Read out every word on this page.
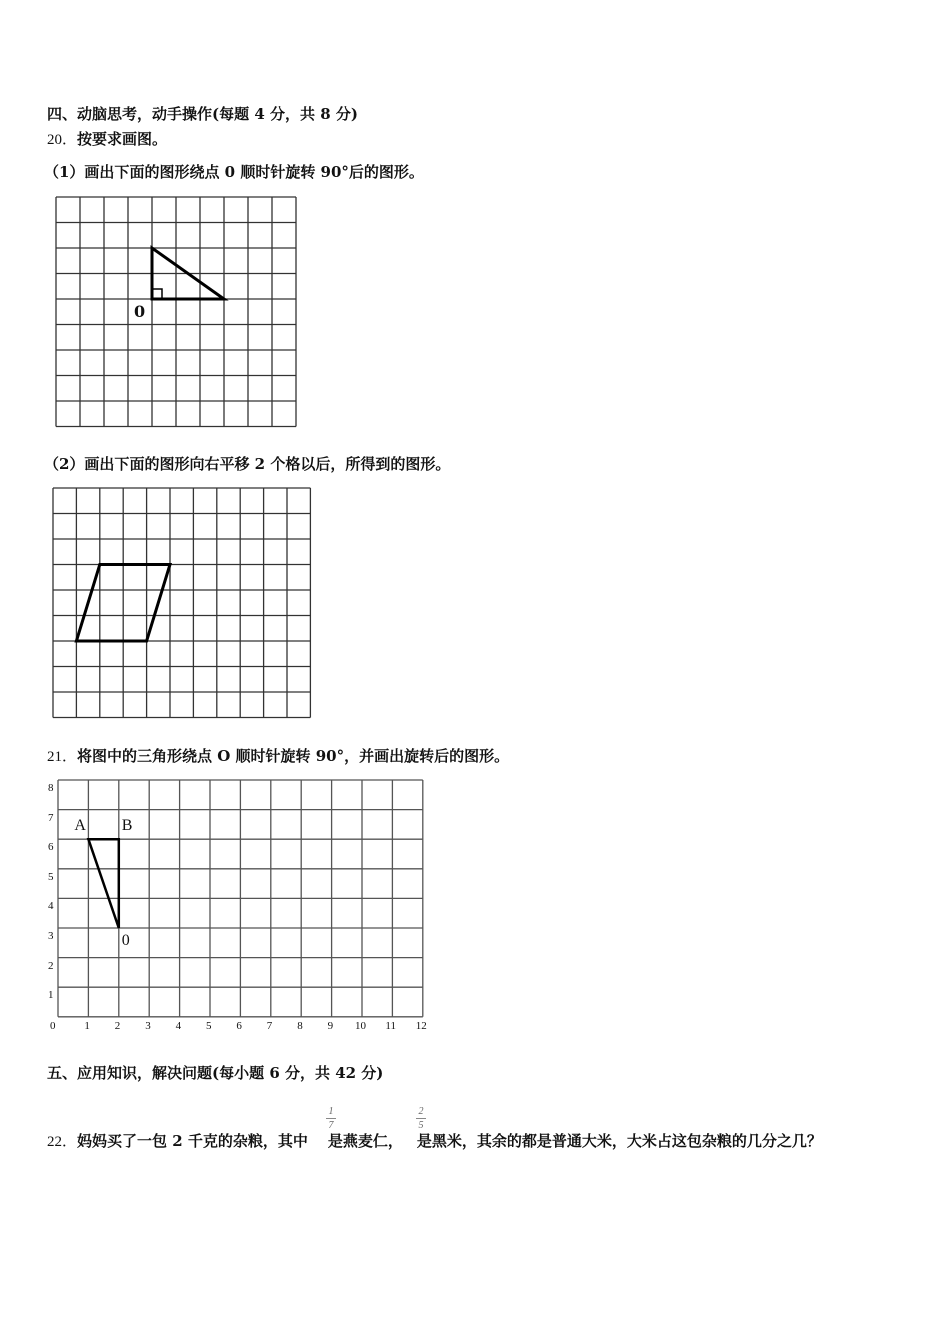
四、动脑思考，动手操作(每题 4 分，共 8 分)
20．按要求画图。
（1）画出下面的图形绕点 0 顺时针旋转 90°后的图形。
0
（2）画出下面的图形向右平移 2 个格以后，所得到的图形。
21．将图中的三角形绕点 O 顺时针旋转 90°，并画出旋转后的图形。
0	1 2 3 4 5 6 7 8 9 10 11 12
1
2
3
4
5
6
7
8
A B
0
五、应用知识，解决问题(每小题 6 分，共 42 分)
22．妈妈买了一包 2 千克的杂粮，其中 是燕麦仁， 是黑米，其余的都是普通大米，大米占这包杂粮的几分之几？
1
7
2
5
